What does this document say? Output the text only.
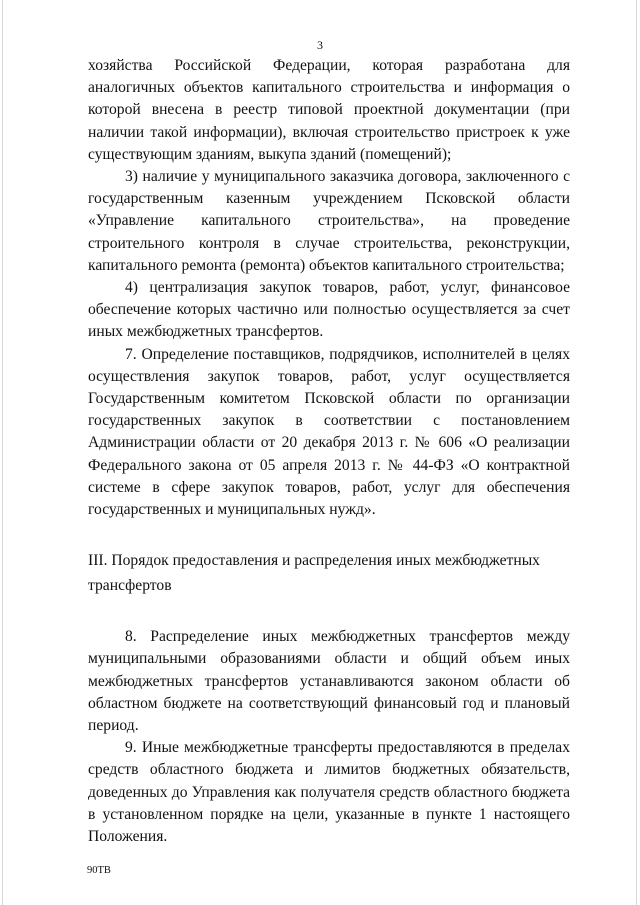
3

хозяйства Российской Федерации, которая разработана для аналогичных объектов капитального строительства и информация о которой внесена в реестр типовой проектной документации (при наличии такой информации), включая строительство пристроек к уже существующим зданиям, выкупа зданий (помещений);

3) наличие у муниципального заказчика договора, заключенного с государственным казенным учреждением Псковской области «Управление капитального строительства», на проведение строительного контроля в случае строительства, реконструкции, капитального ремонта (ремонта) объектов капитального строительства;

4) централизация закупок товаров, работ, услуг, финансовое обеспечение которых частично или полностью осуществляется за счет иных межбюджетных трансфертов.

7. Определение поставщиков, подрядчиков, исполнителей в целях осуществления закупок товаров, работ, услуг осуществляется Государственным комитетом Псковской области по организации государственных закупок в соответствии с постановлением Администрации области от 20 декабря 2013 г. № 606 «О реализации Федерального закона от 05 апреля 2013 г. № 44-ФЗ «О контрактной системе в сфере закупок товаров, работ, услуг для обеспечения государственных и муниципальных нужд».

III. Порядок предоставления и распределения иных межбюджетных
трансфертов

8. Распределение иных межбюджетных трансфертов между муниципальными образованиями области и общий объем иных межбюджетных трансфертов устанавливаются законом области об областном бюджете на соответствующий финансовый год и плановый период.

9. Иные межбюджетные трансферты предоставляются в пределах средств областного бюджета и лимитов бюджетных обязательств, доведенных до Управления как получателя средств областного бюджета в установленном порядке на цели, указанные в пункте 1 настоящего Положения.

90ТВ
